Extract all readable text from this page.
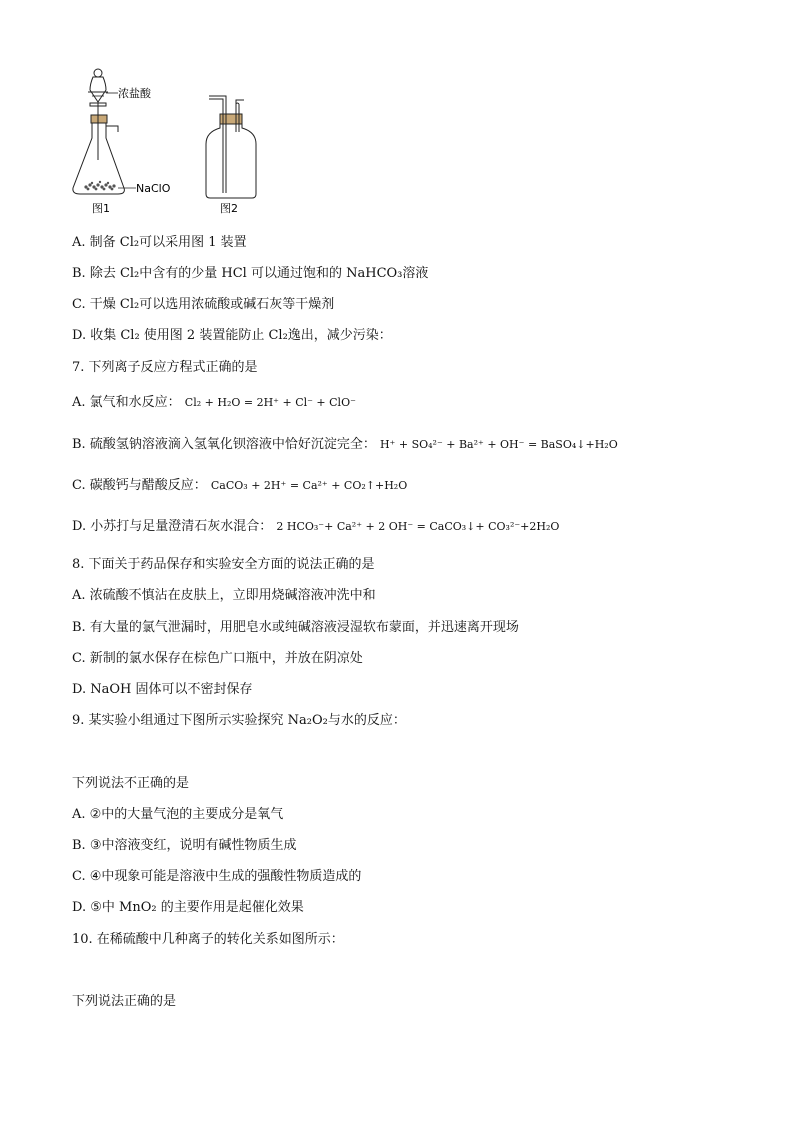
浓盐酸
NaClO
图1	图2
A. 制备 Cl₂可以采用图 1 装置
B. 除去 Cl₂中含有的少量 HCl 可以通过饱和的 NaHCO₃溶液
C. 干燥 Cl₂可以选用浓硫酸或碱石灰等干燥剂
D. 收集 Cl₂ 使用图 2 装置能防止 Cl₂逸出，减少污染：
7. 下列离子反应方程式正确的是
A. 氯气和水反应： Cl₂ + H₂O = 2H⁺ + Cl⁻ + ClO⁻
B. 硫酸氢钠溶液滴入氢氧化钡溶液中恰好沉淀完全： H⁺ + SO₄²⁻ + Ba²⁺ + OH⁻ = BaSO₄↓+H₂O
C. 碳酸钙与醋酸反应： CaCO₃ + 2H⁺ = Ca²⁺ + CO₂↑+H₂O
D. 小苏打与足量澄清石灰水混合： 2 HCO₃⁻+ Ca²⁺ + 2 OH⁻ = CaCO₃↓+ CO₃²⁻+2H₂O
8. 下面关于药品保存和实验安全方面的说法正确的是
A. 浓硫酸不慎沾在皮肤上，立即用烧碱溶液冲洗中和
B. 有大量的氯气泄漏时，用肥皂水或纯碱溶液浸湿软布蒙面，并迅速离开现场
C. 新制的氯水保存在棕色广口瓶中，并放在阴凉处
D. NaOH 固体可以不密封保存
9. 某实验小组通过下图所示实验探究 Na₂O₂与水的反应：
下列说法不正确的是
A. ②中的大量气泡的主要成分是氧气
B. ③中溶液变红，说明有碱性物质生成
C. ④中现象可能是溶液中生成的强酸性物质造成的
D. ⑤中 MnO₂ 的主要作用是起催化效果
10. 在稀硫酸中几种离子的转化关系如图所示：
下列说法正确的是
